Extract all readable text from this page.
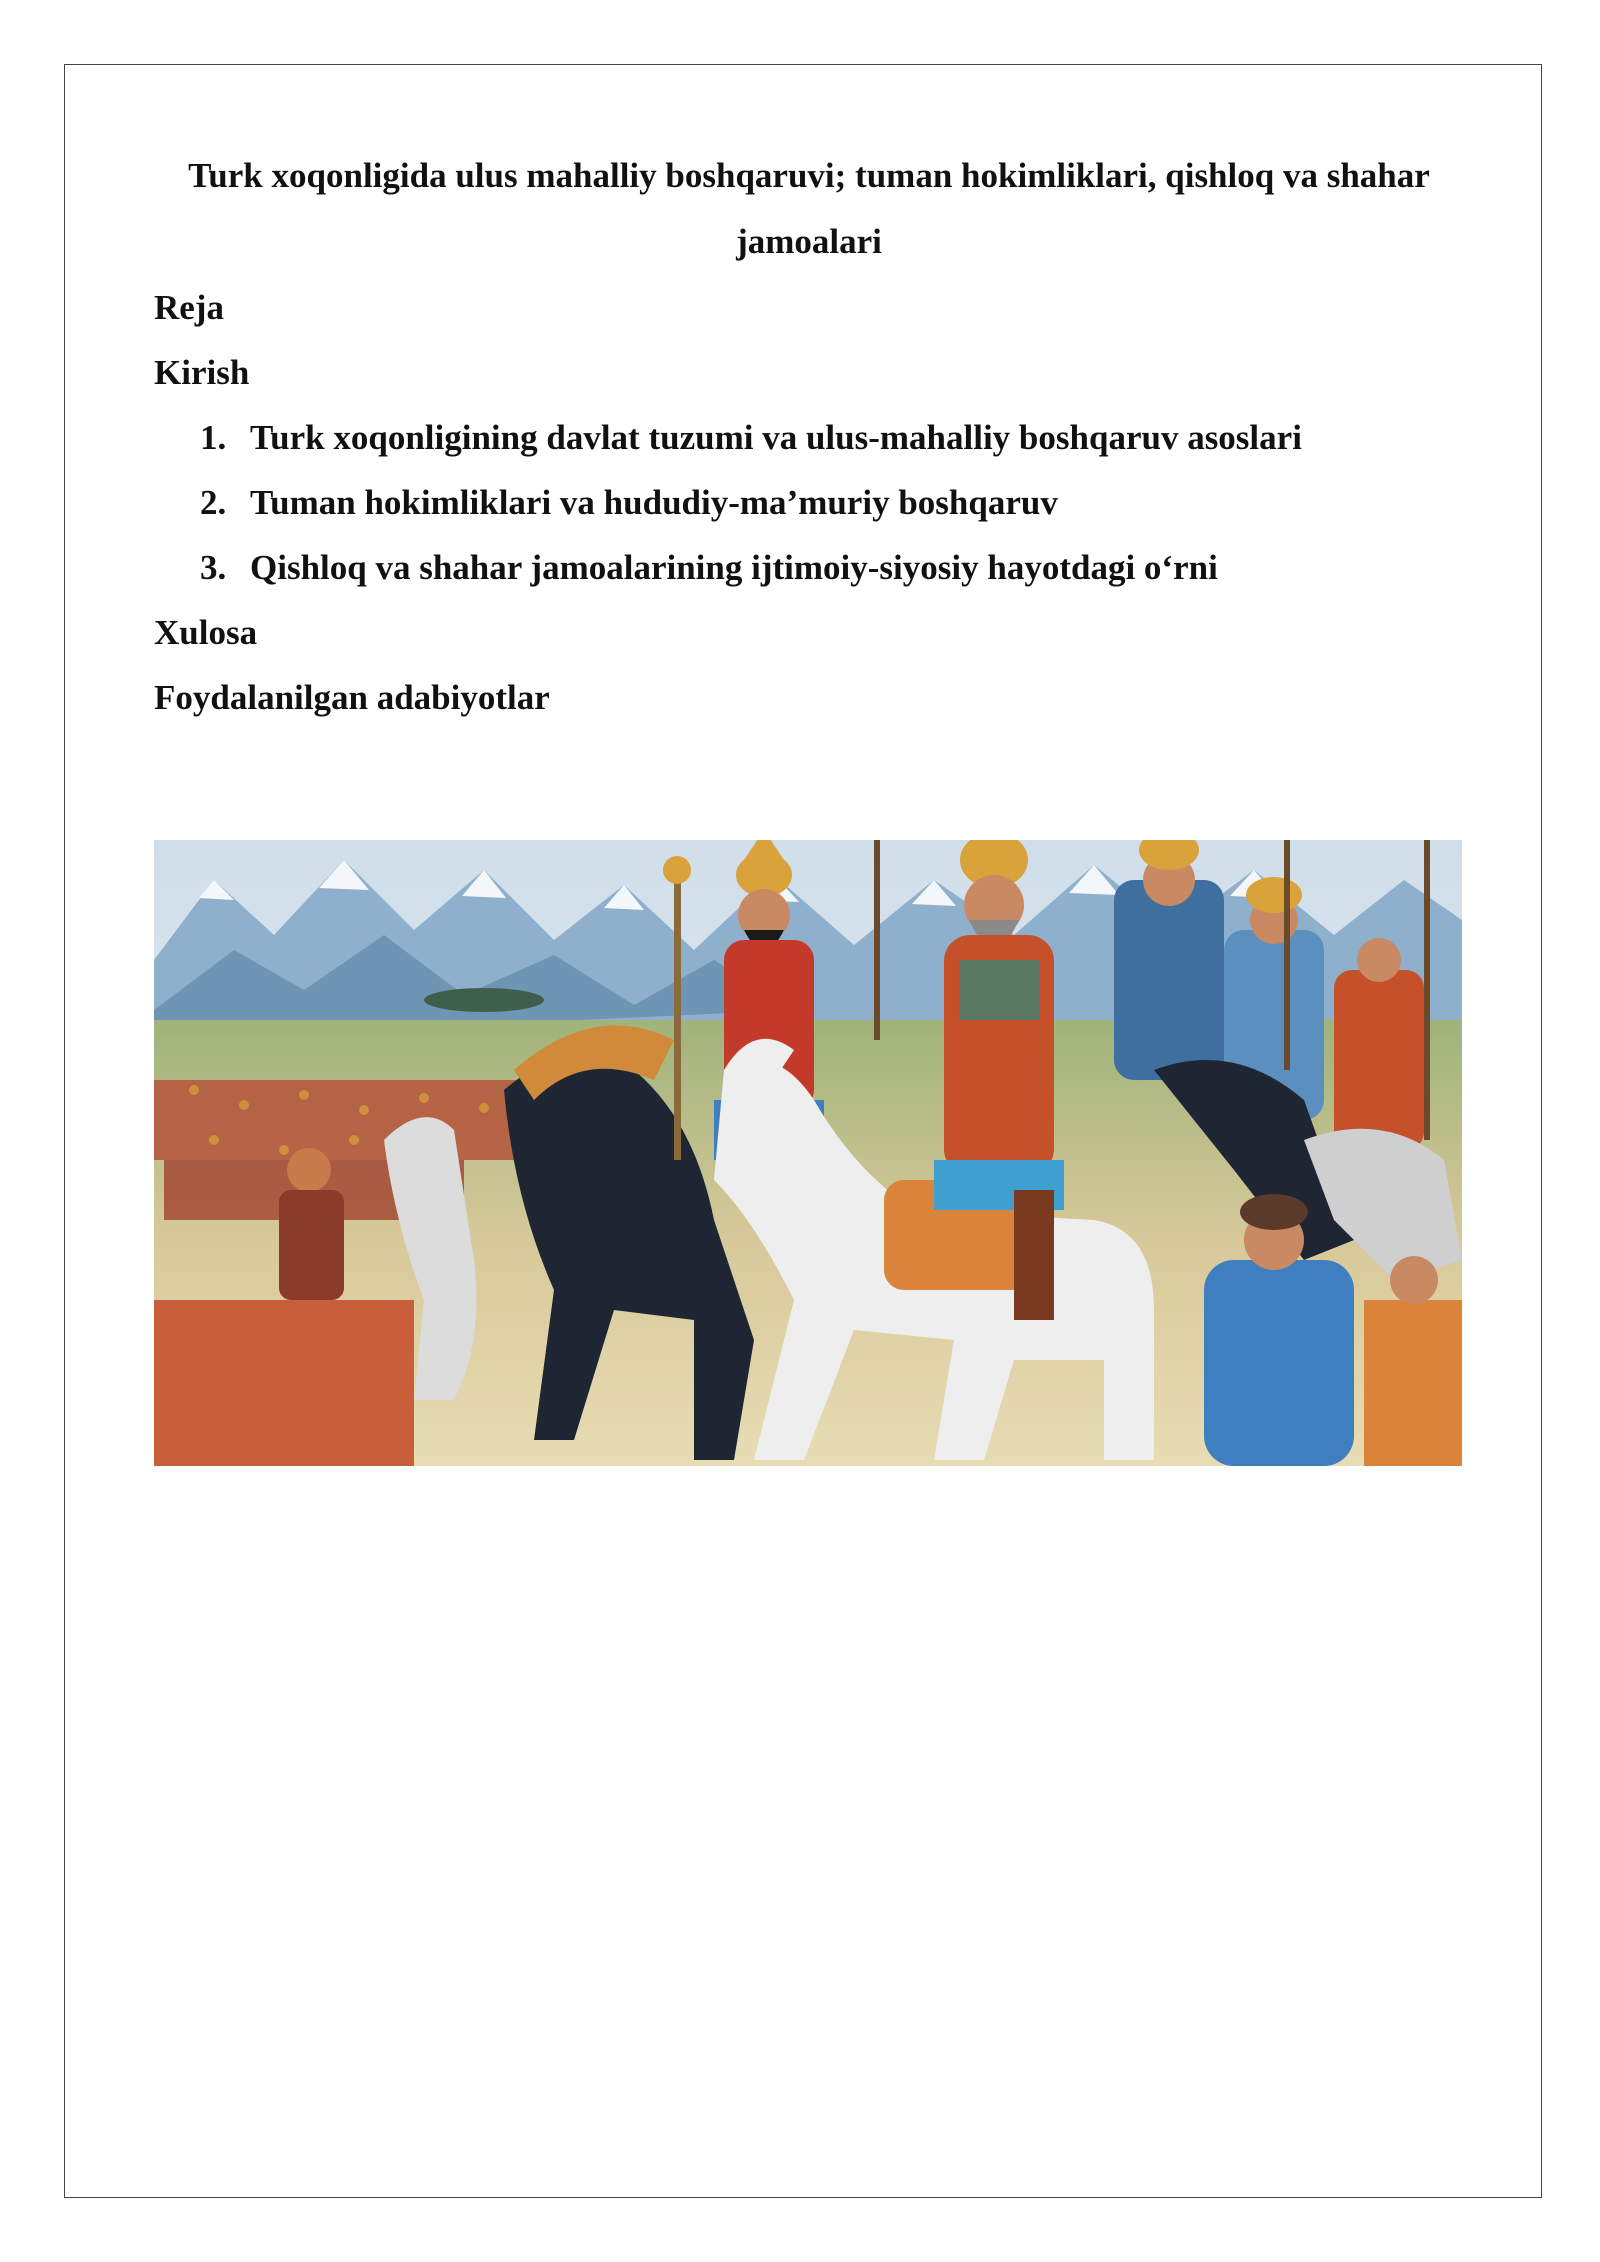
Turk xoqonligida ulus mahalliy boshqaruvi; tuman hokimliklari, qishloq va shahar jamoalari

Reja

Kirish

1. Turk xoqonligining davlat tuzumi va ulus-mahalliy boshqaruv asoslari
2. Tuman hokimliklari va hududiy-ma’muriy boshqaruv
3. Qishloq va shahar jamoalarining ijtimoiy-siyosiy hayotdagi o‘rni

Xulosa

Foydalanilgan adabiyotlar
